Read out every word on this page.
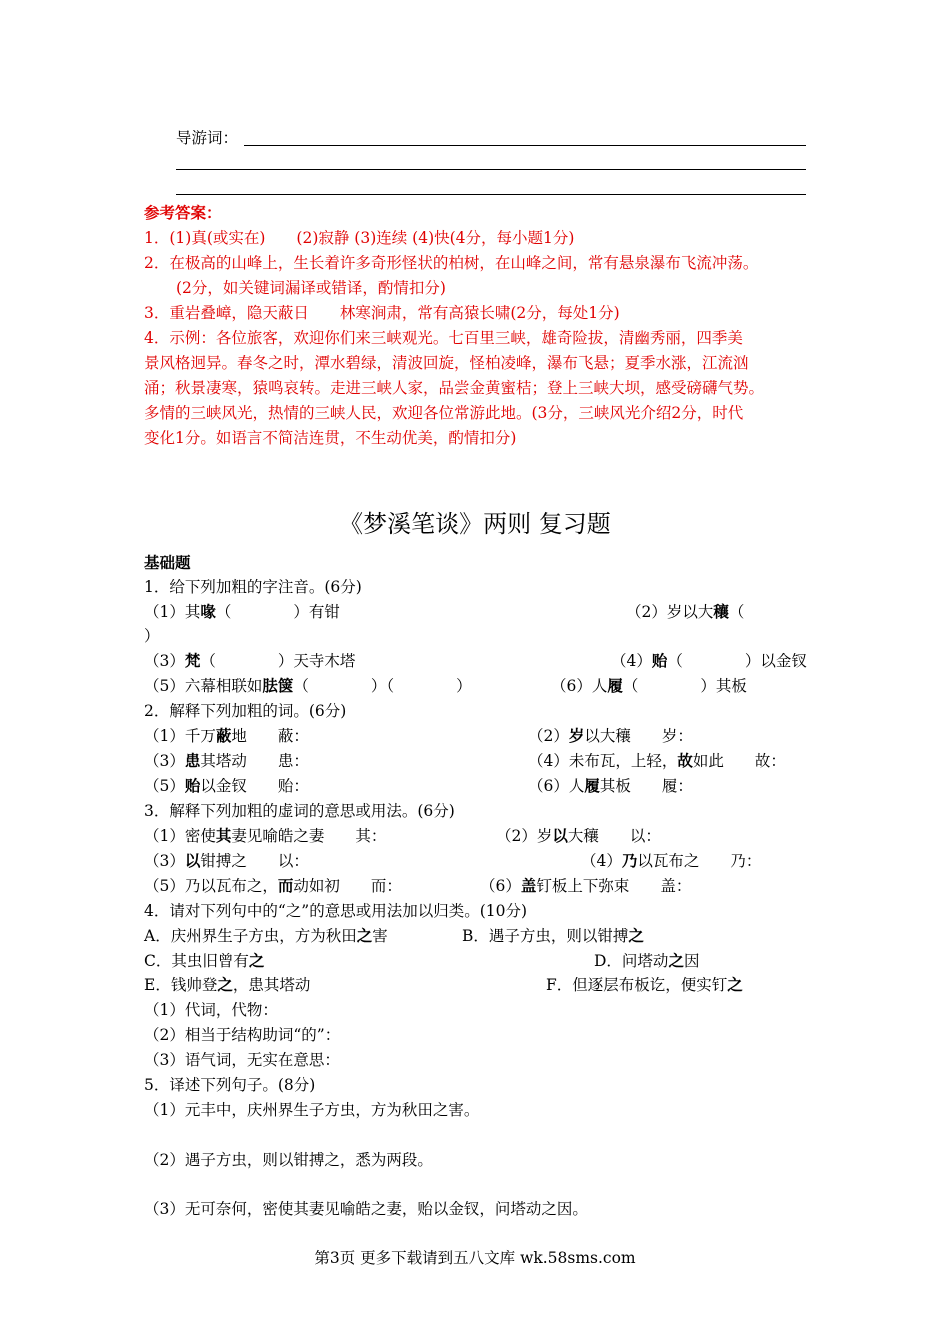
导游词：
参考答案：
1．(1)真(或实在)　　(2)寂静 (3)连续 (4)快(4分，每小题1分)
2．在极高的山峰上，生长着许多奇形怪状的柏树，在山峰之间，常有悬泉瀑布飞流冲荡。
(2分，如关键词漏译或错译，酌情扣分)
3．重岩叠嶂，隐天蔽日　　林寒涧肃，常有高猿长啸(2分，每处1分)
4．示例：各位旅客，欢迎你们来三峡观光。七百里三峡，雄奇险拔，清幽秀丽，四季美
景风格迥异。春冬之时，潭水碧绿，清波回旋，怪柏凌峰，瀑布飞悬；夏季水涨，江流汹
涌；秋景凄寒，猿鸣哀转。走进三峡人家，品尝金黄蜜桔；登上三峡大坝，感受磅礴气势。
多情的三峡风光，热情的三峡人民，欢迎各位常游此地。(3分，三峡风光介绍2分，时代
变化1分。如语言不简洁连贯，不生动优美，酌情扣分)
《梦溪笔谈》两则 复习题
基础题
1．给下列加粗的字注音。(6分)
（1）其喙（　　　　）有钳	（2）岁以大穰（
）
（3）梵（　　　　）天寺木塔	（4）贻（　　　　）以金钗
（5）六幕相联如胠箧（　　　　）（　　　　）	（6）人履（　　　　）其板
2．解释下列加粗的词。(6分)
（1）千万蔽地　　蔽：	（2）岁以大穰　　岁：
（3）患其塔动　　患：	（4）未布瓦，上轻，故如此　　故：
（5）贻以金钗　　贻：	（6）人履其板　　履：
3．解释下列加粗的虚词的意思或用法。(6分)
（1）密使其妻见喻皓之妻　　其：	（2）岁以大穰　　以：
（3）以钳搏之　　以：	（4）乃以瓦布之　　乃：
（5）乃以瓦布之，而动如初　　而：	（6）盖钉板上下弥束　　盖：
4．请对下列句中的“之”的意思或用法加以归类。(10分)
A．庆州界生子方虫，方为秋田之害	B．遇子方虫，则以钳搏之
C．其虫旧曾有之	D．问塔动之因
E．钱帅登之，患其塔动	F．但逐层布板讫，便实钉之
（1）代词，代物：
（2）相当于结构助词“的”：
（3）语气词，无实在意思：
5．译述下列句子。(8分)
（1）元丰中，庆州界生子方虫，方为秋田之害。
（2）遇子方虫，则以钳搏之，悉为两段。
（3）无可奈何，密使其妻见喻皓之妻，贻以金钗，问塔动之因。
第3页 更多下载请到五八文库 wk.58sms.com
